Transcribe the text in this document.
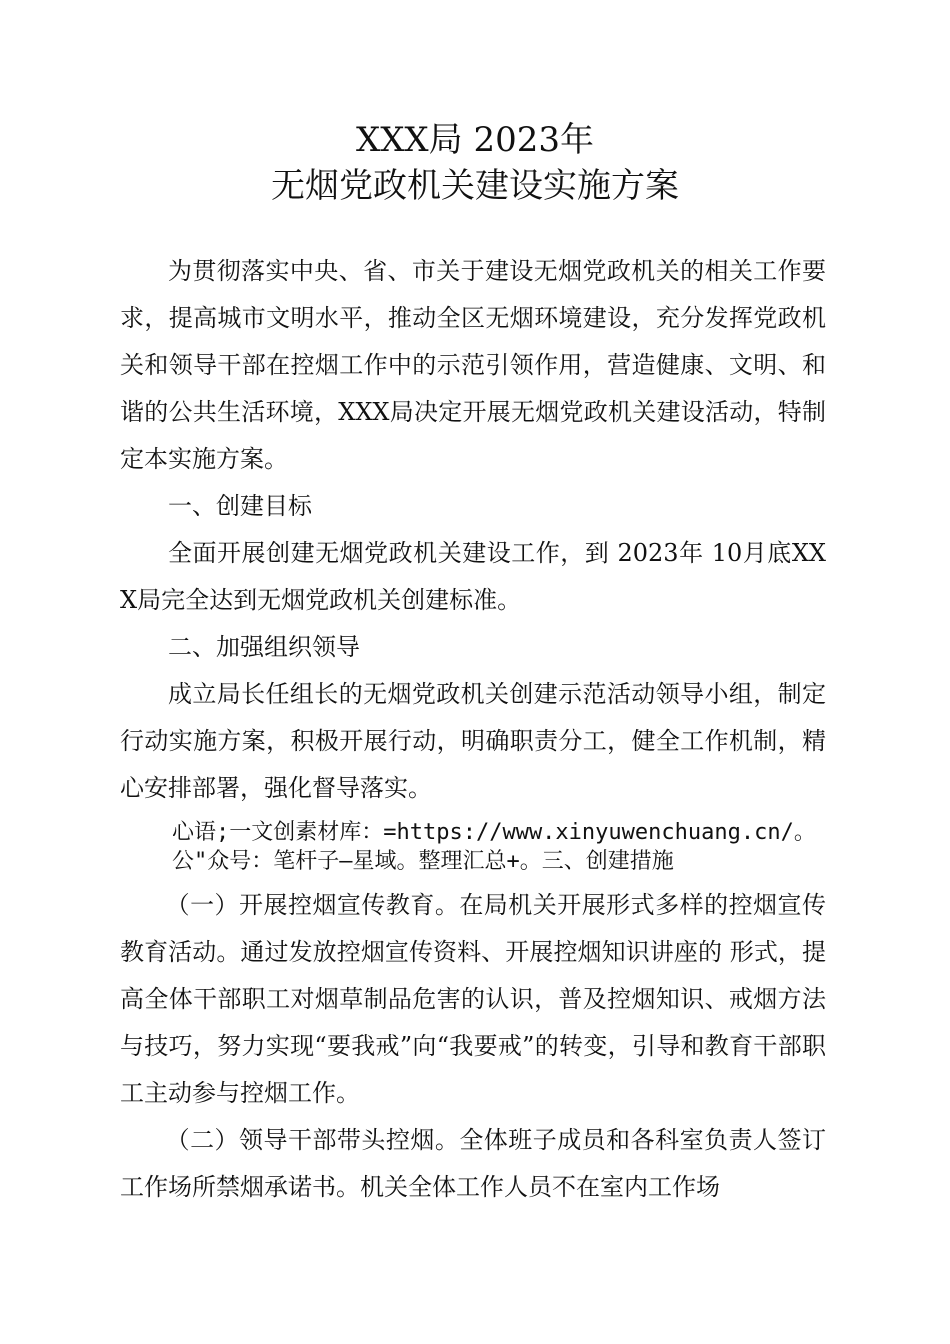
XXX局 2023年
无烟党政机关建设实施方案

为贯彻落实中央、省、市关于建设无烟党政机关的相关工作要求，提高城市文明水平，推动全区无烟环境建设，充分发挥党政机关和领导干部在控烟工作中的示范引领作用，营造健康、文明、和谐的公共生活环境，XXX局决定开展无烟党政机关建设活动，特制定本实施方案。

一、创建目标

全面开展创建无烟党政机关建设工作，到 2023年 10月底XXX局完全达到无烟党政机关创建标准。

二、加强组织领导

成立局长任组长的无烟党政机关创建示范活动领导小组，制定行动实施方案，积极开展行动，明确职责分工，健全工作机制，精心安排部署，强化督导落实。

心语;一文创素材库：=https://www.xinyuwenchuang.cn/。公"众号：笔杆子—星域。整理汇总+。三、创建措施

（一）开展控烟宣传教育。在局机关开展形式多样的控烟宣传教育活动。通过发放控烟宣传资料、开展控烟知识讲座的 形式，提高全体干部职工对烟草制品危害的认识，普及控烟知识、戒烟方法与技巧，努力实现“要我戒”向“我要戒”的转变，引导和教育干部职工主动参与控烟工作。

（二）领导干部带头控烟。全体班子成员和各科室负责人签订工作场所禁烟承诺书。机关全体工作人员不在室内工作场
